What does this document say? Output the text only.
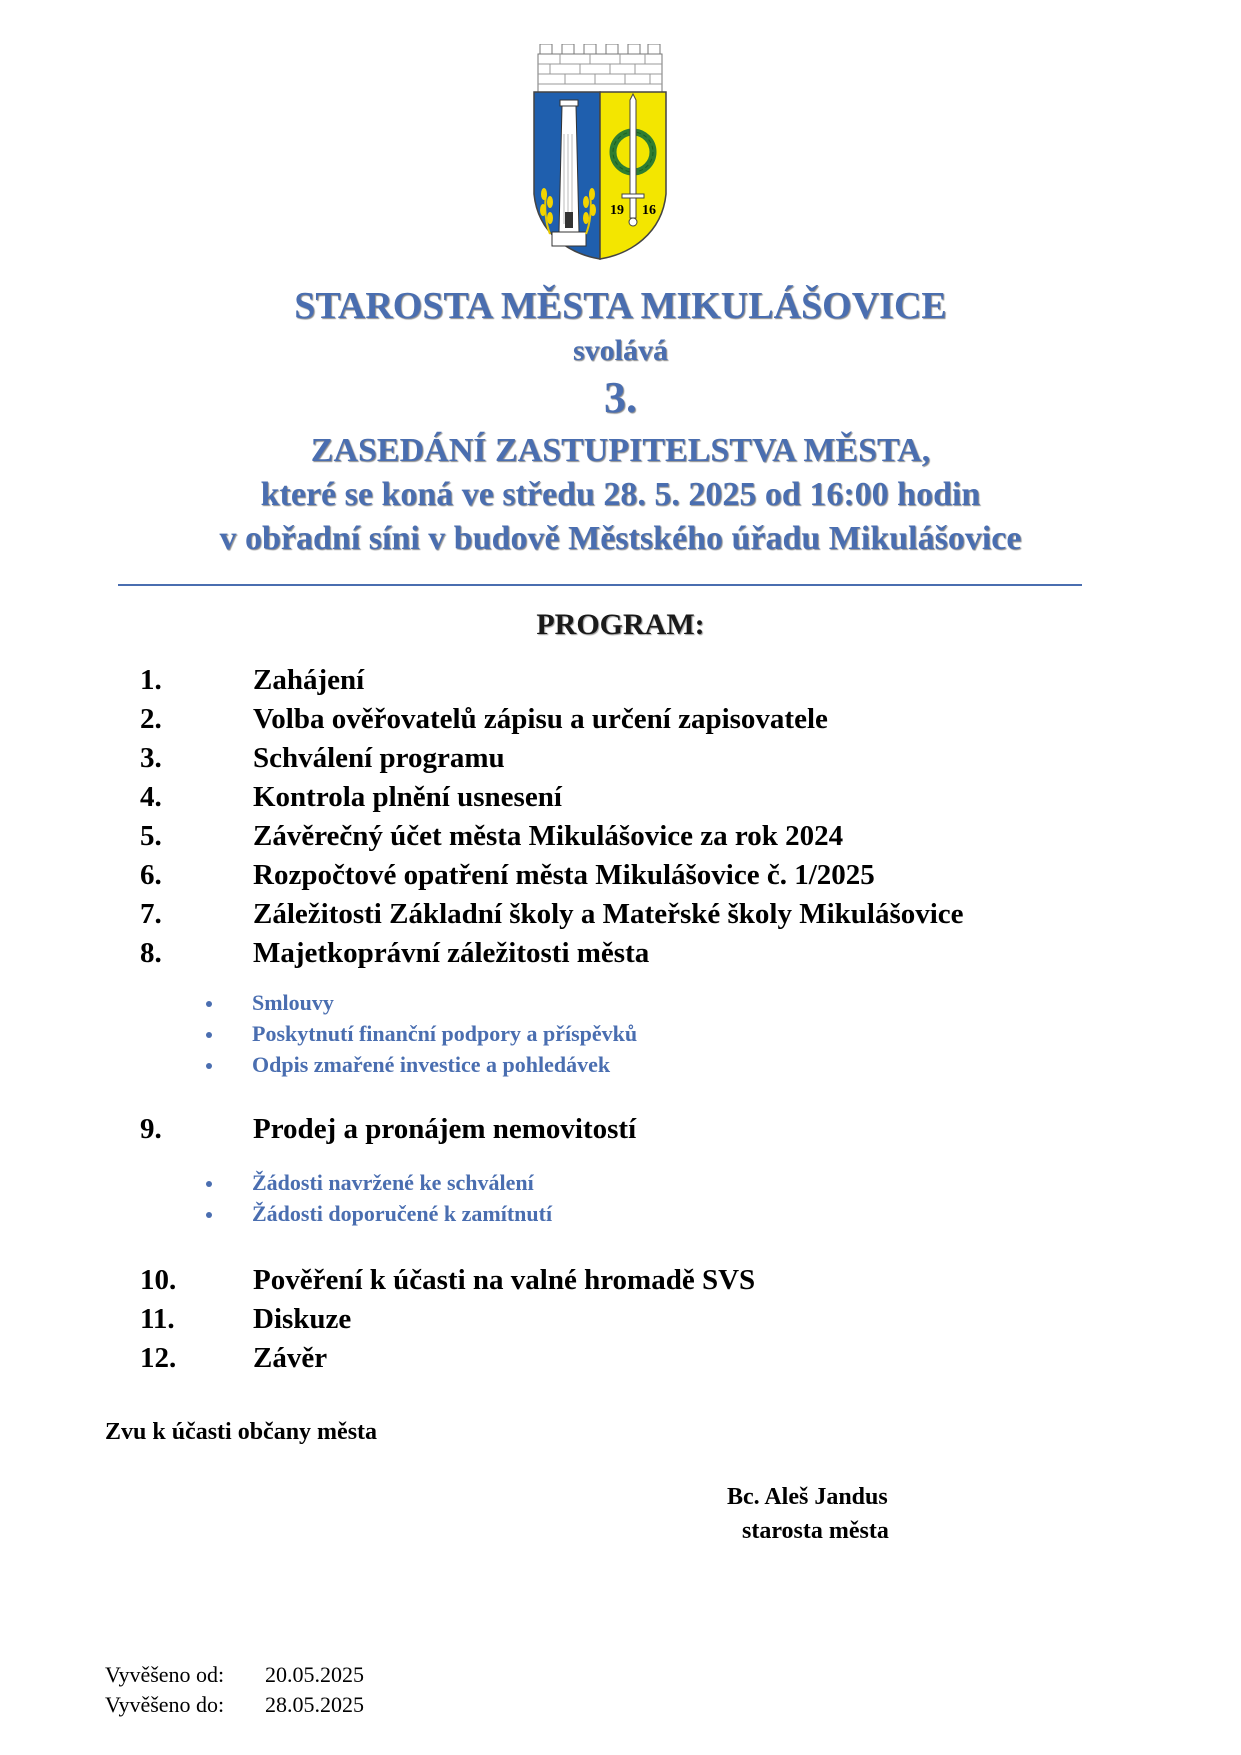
19 16
STAROSTA MĚSTA MIKULÁŠOVICE
svolává
3.
ZASEDÁNÍ ZASTUPITELSTVA MĚSTA,
které se koná ve středu 28. 5. 2025 od 16:00 hodin
v obřadní síni v budově Městského úřadu Mikulášovice
PROGRAM:
1.	Zahájení
2.	Volba ověřovatelů zápisu a určení zapisovatele
3.	Schválení programu
4.	Kontrola plnění usnesení
5.	Závěrečný účet města Mikulášovice za rok 2024
6.	Rozpočtové opatření města Mikulášovice č. 1/2025
7.	Záležitosti Základní školy a Mateřské školy Mikulášovice
8.	Majetkoprávní záležitosti města
Smlouvy
Poskytnutí finanční podpory a příspěvků
Odpis zmařené investice a pohledávek
9.	Prodej a pronájem nemovitostí
Žádosti navržené ke schválení
Žádosti doporučené k zamítnutí
10.	Pověření k účasti na valné hromadě SVS
11.	Diskuze
12.	Závěr
Zvu k účasti občany města
Bc. Aleš Jandus
starosta města
Vyvěšeno od: 20.05.2025
Vyvěšeno do: 28.05.2025
